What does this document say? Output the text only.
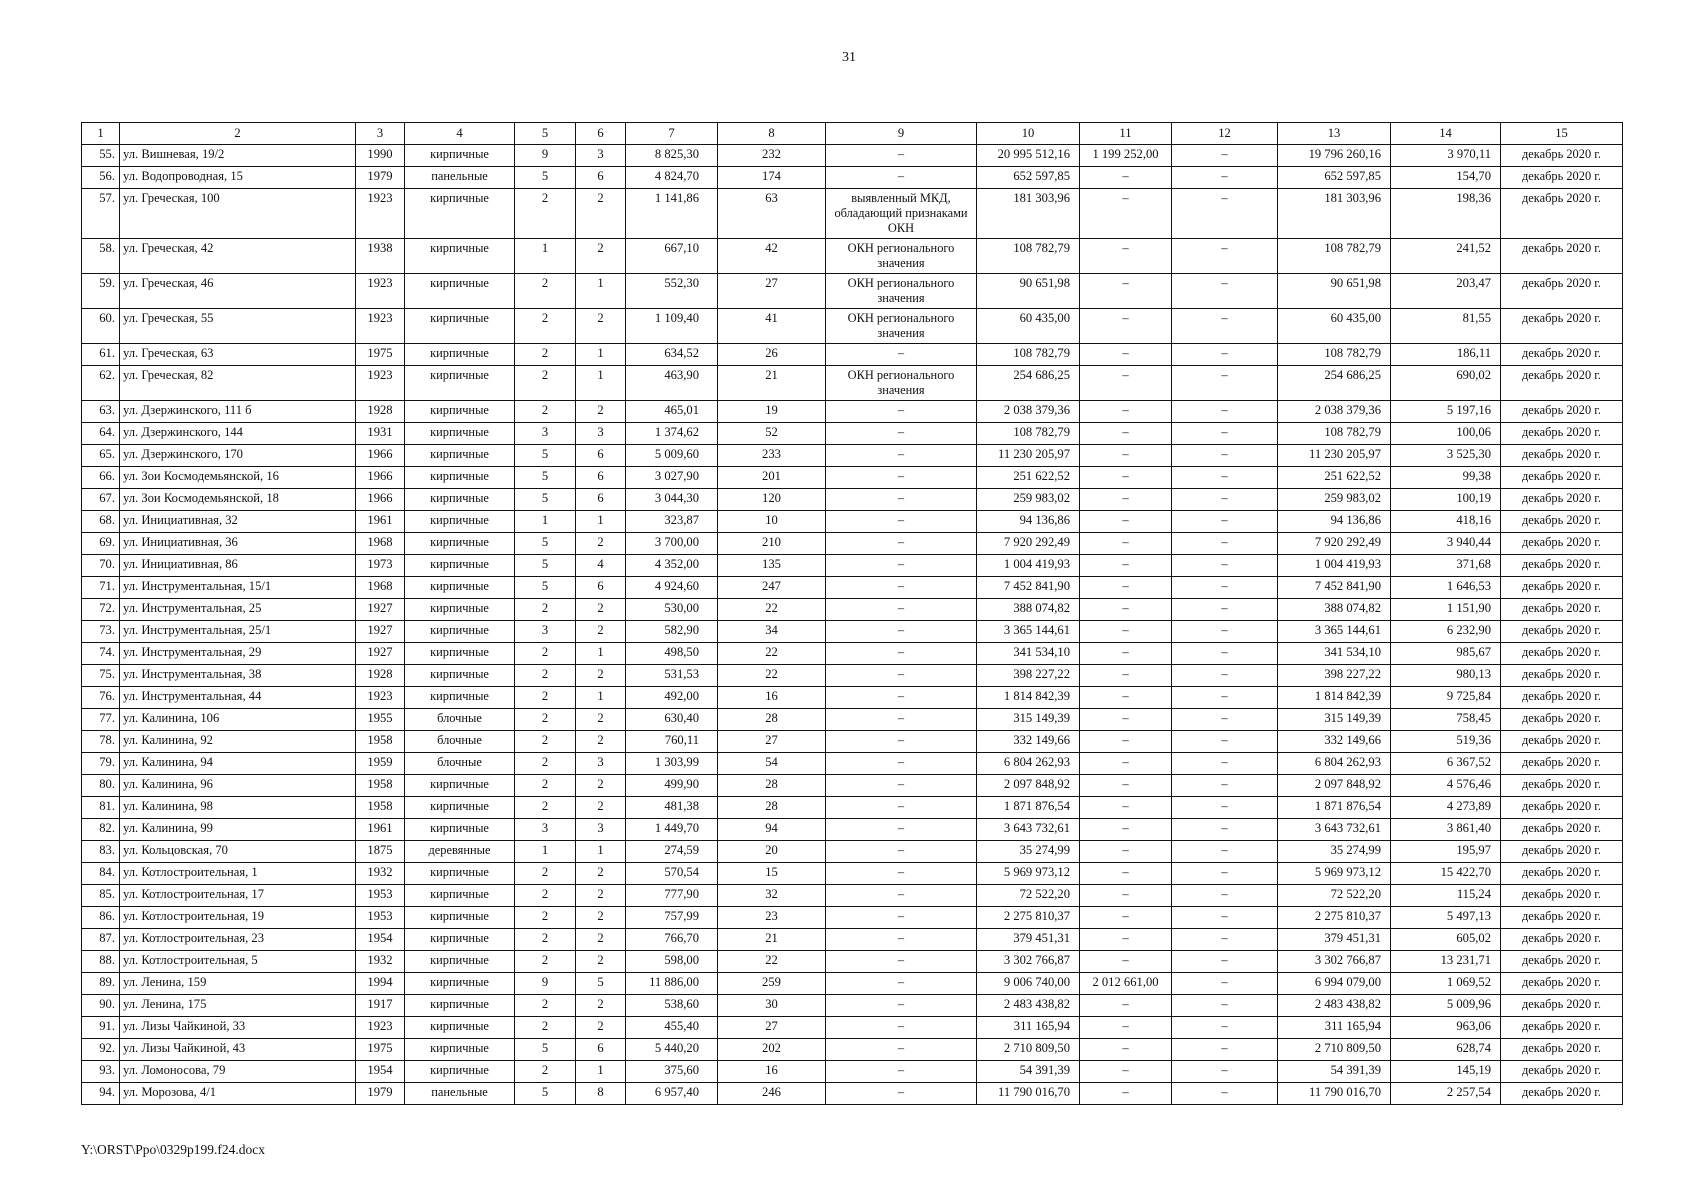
31
1	2	3	4	5	6	7	8	9	10	11	12	13	14	15
55.	ул. Вишневая, 19/2	1990	кирпичные	9	3	8 825,30	232	–	20 995 512,16	1 199 252,00	–	19 796 260,16	3 970,11	декабрь 2020 г.
56.	ул. Водопроводная, 15	1979	панельные	5	6	4 824,70	174	–	652 597,85	–	–	652 597,85	154,70	декабрь 2020 г.
57.	ул. Греческая, 100	1923	кирпичные	2	2	1 141,86	63	выявленный МКД, обладающий признаками ОКН	181 303,96	–	–	181 303,96	198,36	декабрь 2020 г.
58.	ул. Греческая, 42	1938	кирпичные	1	2	667,10	42	ОКН регионального значения	108 782,79	–	–	108 782,79	241,52	декабрь 2020 г.
59.	ул. Греческая, 46	1923	кирпичные	2	1	552,30	27	ОКН регионального значения	90 651,98	–	–	90 651,98	203,47	декабрь 2020 г.
60.	ул. Греческая, 55	1923	кирпичные	2	2	1 109,40	41	ОКН регионального значения	60 435,00	–	–	60 435,00	81,55	декабрь 2020 г.
61.	ул. Греческая, 63	1975	кирпичные	2	1	634,52	26	–	108 782,79	–	–	108 782,79	186,11	декабрь 2020 г.
62.	ул. Греческая, 82	1923	кирпичные	2	1	463,90	21	ОКН регионального значения	254 686,25	–	–	254 686,25	690,02	декабрь 2020 г.
63.	ул. Дзержинского, 111 б	1928	кирпичные	2	2	465,01	19	–	2 038 379,36	–	–	2 038 379,36	5 197,16	декабрь 2020 г.
64.	ул. Дзержинского, 144	1931	кирпичные	3	3	1 374,62	52	–	108 782,79	–	–	108 782,79	100,06	декабрь 2020 г.
65.	ул. Дзержинского, 170	1966	кирпичные	5	6	5 009,60	233	–	11 230 205,97	–	–	11 230 205,97	3 525,30	декабрь 2020 г.
66.	ул. Зои Космодемьянской, 16	1966	кирпичные	5	6	3 027,90	201	–	251 622,52	–	–	251 622,52	99,38	декабрь 2020 г.
67.	ул. Зои Космодемьянской, 18	1966	кирпичные	5	6	3 044,30	120	–	259 983,02	–	–	259 983,02	100,19	декабрь 2020 г.
68.	ул. Инициативная, 32	1961	кирпичные	1	1	323,87	10	–	94 136,86	–	–	94 136,86	418,16	декабрь 2020 г.
69.	ул. Инициативная, 36	1968	кирпичные	5	2	3 700,00	210	–	7 920 292,49	–	–	7 920 292,49	3 940,44	декабрь 2020 г.
70.	ул. Инициативная, 86	1973	кирпичные	5	4	4 352,00	135	–	1 004 419,93	–	–	1 004 419,93	371,68	декабрь 2020 г.
71.	ул. Инструментальная, 15/1	1968	кирпичные	5	6	4 924,60	247	–	7 452 841,90	–	–	7 452 841,90	1 646,53	декабрь 2020 г.
72.	ул. Инструментальная, 25	1927	кирпичные	2	2	530,00	22	–	388 074,82	–	–	388 074,82	1 151,90	декабрь 2020 г.
73.	ул. Инструментальная, 25/1	1927	кирпичные	3	2	582,90	34	–	3 365 144,61	–	–	3 365 144,61	6 232,90	декабрь 2020 г.
74.	ул. Инструментальная, 29	1927	кирпичные	2	1	498,50	22	–	341 534,10	–	–	341 534,10	985,67	декабрь 2020 г.
75.	ул. Инструментальная, 38	1928	кирпичные	2	2	531,53	22	–	398 227,22	–	–	398 227,22	980,13	декабрь 2020 г.
76.	ул. Инструментальная, 44	1923	кирпичные	2	1	492,00	16	–	1 814 842,39	–	–	1 814 842,39	9 725,84	декабрь 2020 г.
77.	ул. Калинина, 106	1955	блочные	2	2	630,40	28	–	315 149,39	–	–	315 149,39	758,45	декабрь 2020 г.
78.	ул. Калинина, 92	1958	блочные	2	2	760,11	27	–	332 149,66	–	–	332 149,66	519,36	декабрь 2020 г.
79.	ул. Калинина, 94	1959	блочные	2	3	1 303,99	54	–	6 804 262,93	–	–	6 804 262,93	6 367,52	декабрь 2020 г.
80.	ул. Калинина, 96	1958	кирпичные	2	2	499,90	28	–	2 097 848,92	–	–	2 097 848,92	4 576,46	декабрь 2020 г.
81.	ул. Калинина, 98	1958	кирпичные	2	2	481,38	28	–	1 871 876,54	–	–	1 871 876,54	4 273,89	декабрь 2020 г.
82.	ул. Калинина, 99	1961	кирпичные	3	3	1 449,70	94	–	3 643 732,61	–	–	3 643 732,61	3 861,40	декабрь 2020 г.
83.	ул. Кольцовская, 70	1875	деревянные	1	1	274,59	20	–	35 274,99	–	–	35 274,99	195,97	декабрь 2020 г.
84.	ул. Котлостроительная, 1	1932	кирпичные	2	2	570,54	15	–	5 969 973,12	–	–	5 969 973,12	15 422,70	декабрь 2020 г.
85.	ул. Котлостроительная, 17	1953	кирпичные	2	2	777,90	32	–	72 522,20	–	–	72 522,20	115,24	декабрь 2020 г.
86.	ул. Котлостроительная, 19	1953	кирпичные	2	2	757,99	23	–	2 275 810,37	–	–	2 275 810,37	5 497,13	декабрь 2020 г.
87.	ул. Котлостроительная, 23	1954	кирпичные	2	2	766,70	21	–	379 451,31	–	–	379 451,31	605,02	декабрь 2020 г.
88.	ул. Котлостроительная, 5	1932	кирпичные	2	2	598,00	22	–	3 302 766,87	–	–	3 302 766,87	13 231,71	декабрь 2020 г.
89.	ул. Ленина, 159	1994	кирпичные	9	5	11 886,00	259	–	9 006 740,00	2 012 661,00	–	6 994 079,00	1 069,52	декабрь 2020 г.
90.	ул. Ленина, 175	1917	кирпичные	2	2	538,60	30	–	2 483 438,82	–	–	2 483 438,82	5 009,96	декабрь 2020 г.
91.	ул. Лизы Чайкиной, 33	1923	кирпичные	2	2	455,40	27	–	311 165,94	–	–	311 165,94	963,06	декабрь 2020 г.
92.	ул. Лизы Чайкиной, 43	1975	кирпичные	5	6	5 440,20	202	–	2 710 809,50	–	–	2 710 809,50	628,74	декабрь 2020 г.
93.	ул. Ломоносова, 79	1954	кирпичные	2	1	375,60	16	–	54 391,39	–	–	54 391,39	145,19	декабрь 2020 г.
94.	ул. Морозова, 4/1	1979	панельные	5	8	6 957,40	246	–	11 790 016,70	–	–	11 790 016,70	2 257,54	декабрь 2020 г.
Y:\ORST\Ppo\0329p199.f24.docx
